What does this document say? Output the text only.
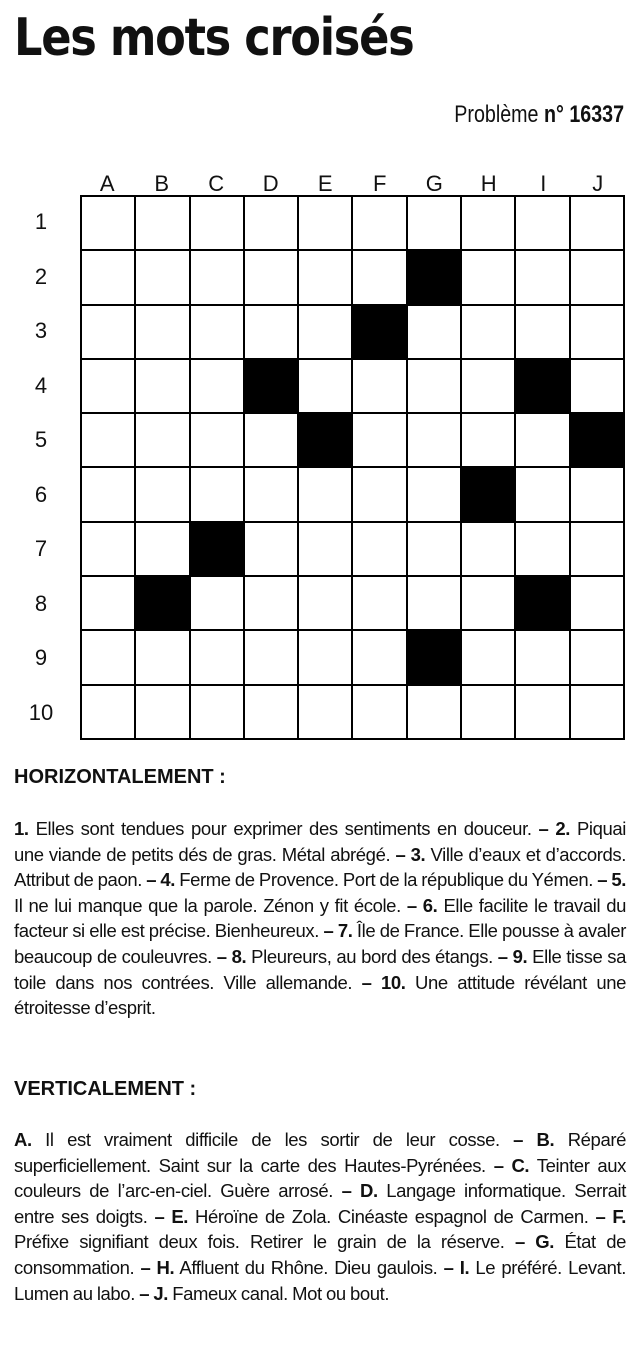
Les mots croisés
Problème n° 16337
A	B	C	D	E	F	G	H	I	J
1
2
3
4
5
6
7
8
9
10
HORIZONTALEMENT :

1. Elles sont tendues pour exprimer des sentiments en douceur. – 2. Piquai une viande de petits dés de gras. Métal abrégé. – 3. Ville d’eaux et d’accords. Attribut de paon. – 4. Ferme de Provence. Port de la république du Yémen. – 5. Il ne lui manque que la parole. Zénon y fit école. – 6. Elle facilite le travail du facteur si elle est précise. Bienheureux. – 7. Île de France. Elle pousse à avaler beaucoup de couleuvres. – 8. Pleureurs, au bord des étangs. – 9. Elle tisse sa toile dans nos contrées. Ville allemande. – 10. Une attitude révélant une étroitesse d’esprit.

VERTICALEMENT :

A. Il est vraiment difficile de les sortir de leur cosse. – B. Réparé superficiellement. Saint sur la carte des Hautes-Pyrénées. – C. Teinter aux couleurs de l’arc-en-ciel. Guère arrosé. – D. Langage informatique. Serrait entre ses doigts. – E. Héroïne de Zola. Cinéaste espagnol de Carmen. – F. Préfixe signifiant deux fois. Retirer le grain de la réserve. – G. État de consommation. – H. Affluent du Rhône. Dieu gaulois. – I. Le préféré. Levant. Lumen au labo. – J. Fameux canal. Mot ou bout.
